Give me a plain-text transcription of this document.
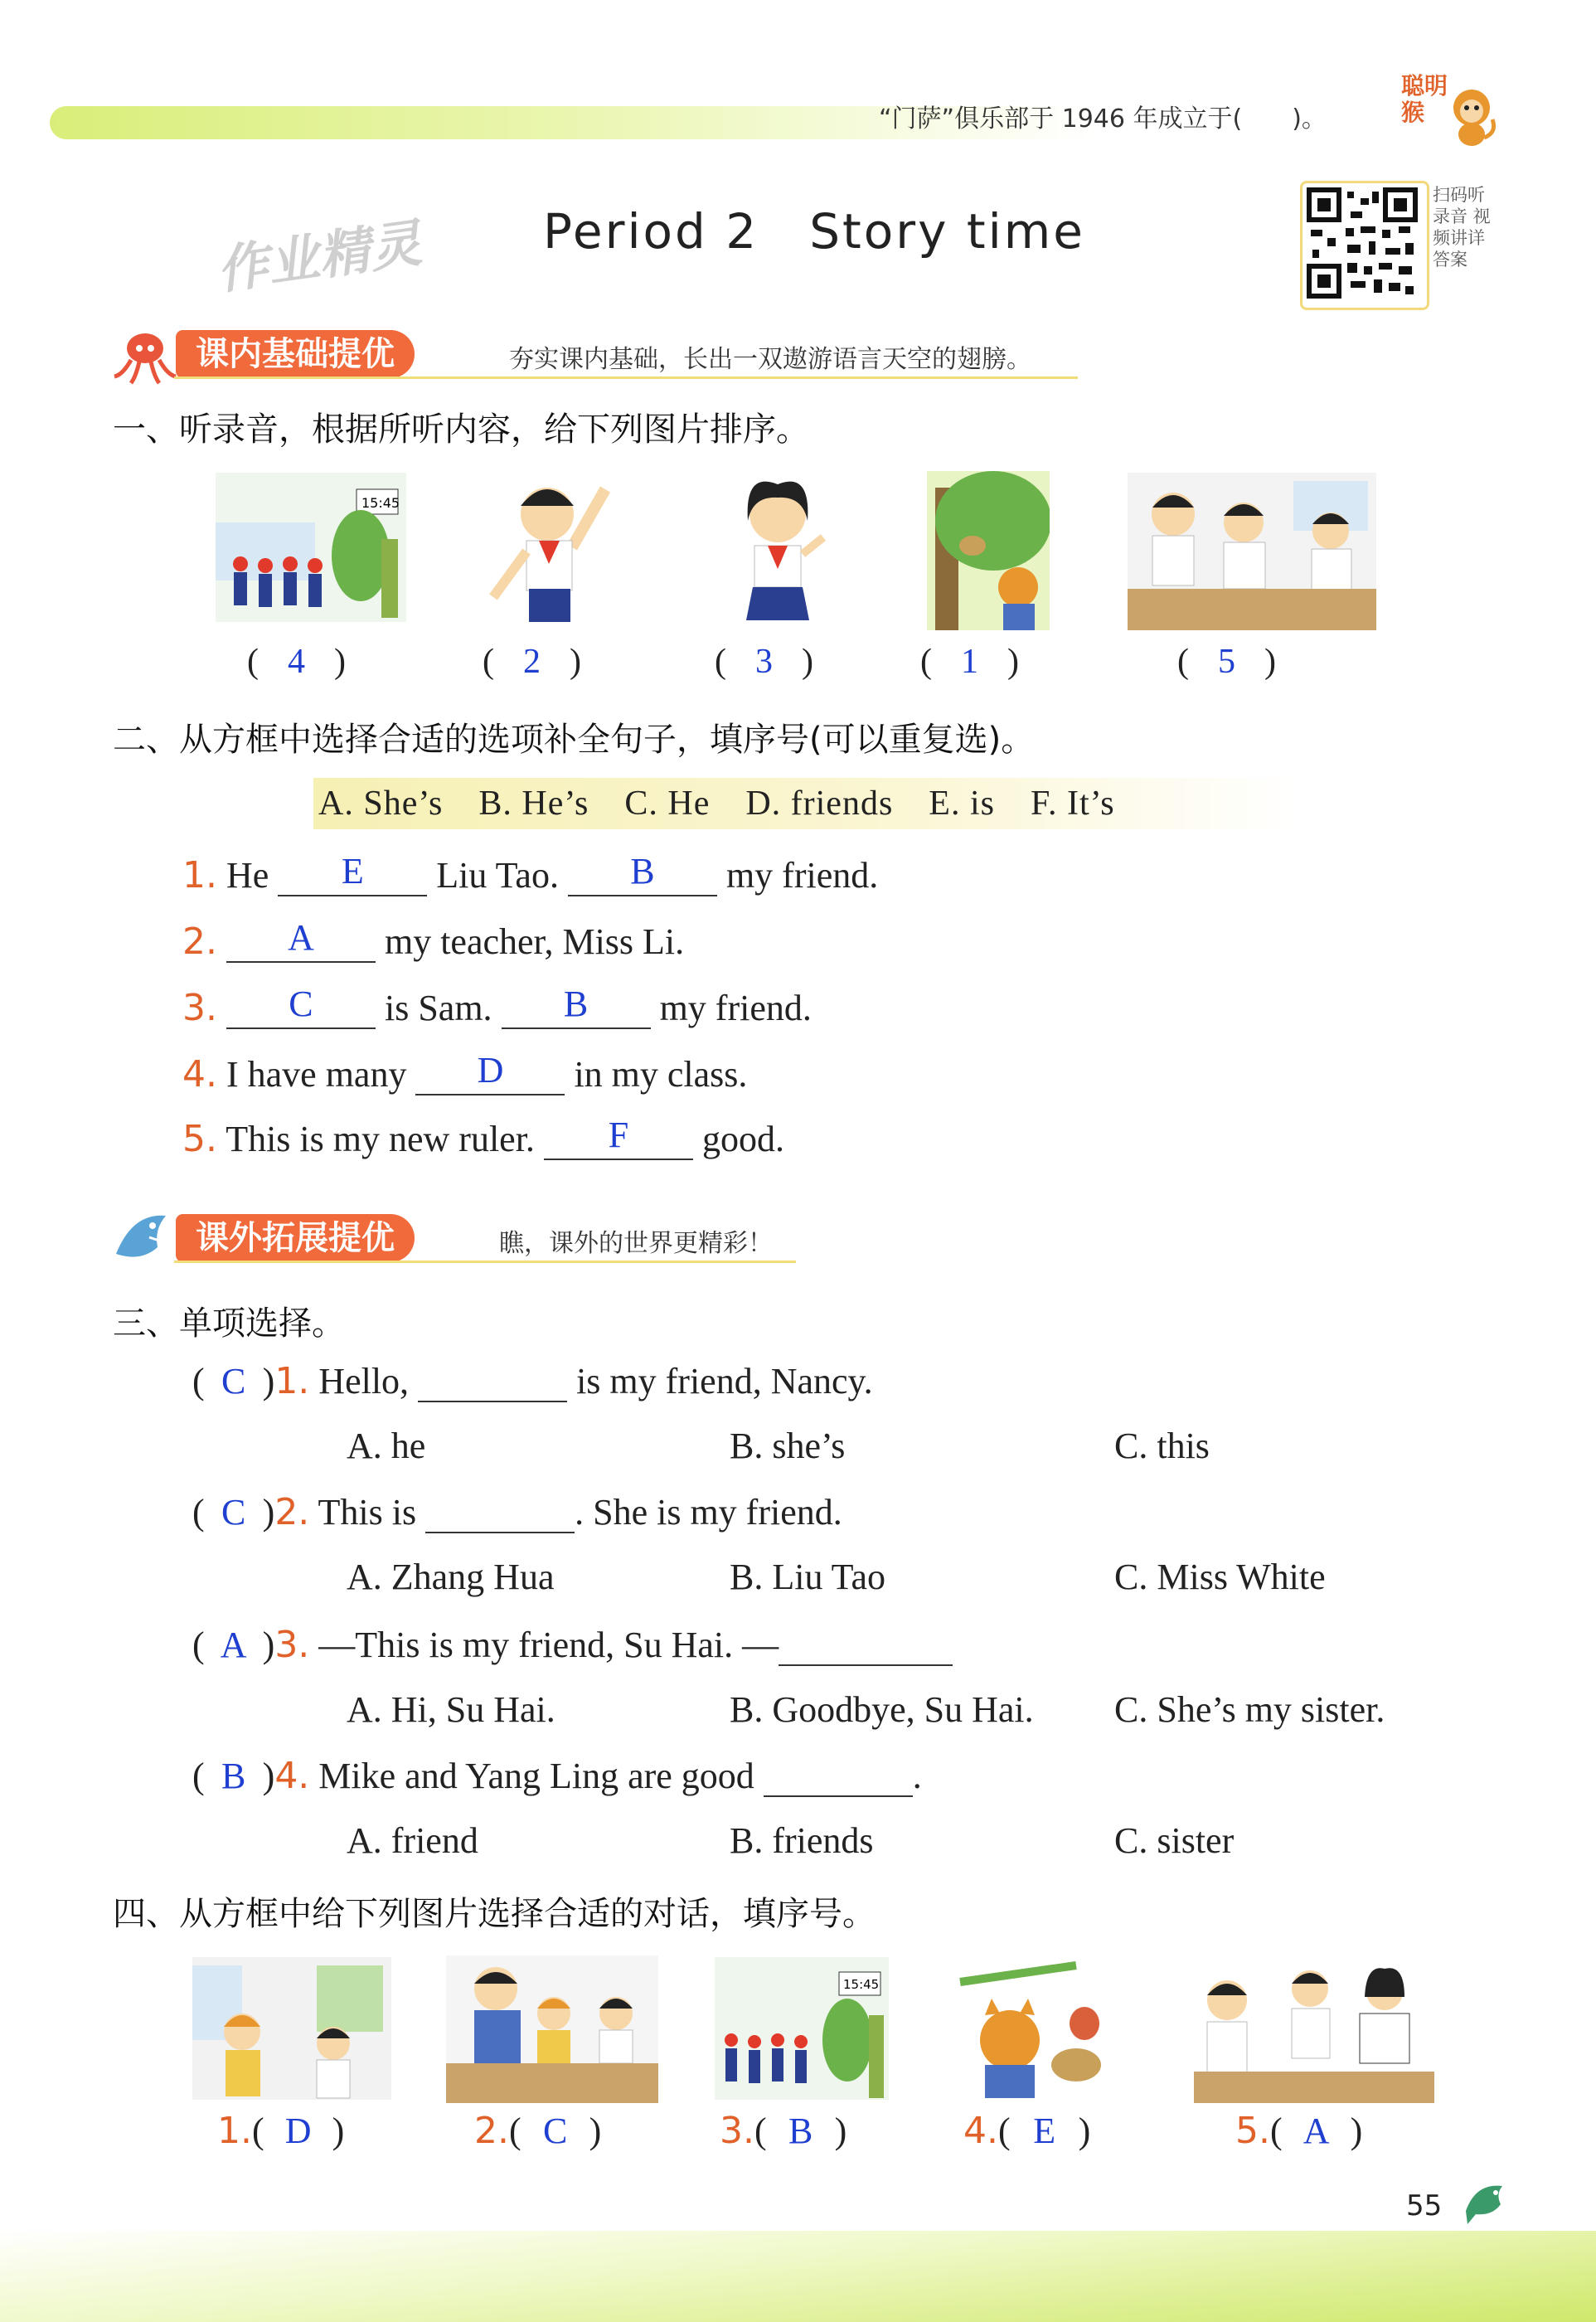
“门萨”俱乐部于 1946 年成立于(　　)。
聪明猴
作业精灵 Period 2　Story time
扫码听录音 视频讲详答案
课内基础提优	夯实课内基础，长出一双遨游语言天空的翅膀。
一、听录音，根据所听内容，给下列图片排序。
15:45
( 4 )	( 2 )	( 3 )	( 1 )	( 5 )
二、从方框中选择合适的选项补全句子，填序号(可以重复选)。
A. She’s　B. He’s　C. He　D. friends　E. is　F. It’s
1. He E Liu Tao. B my friend.
2. A my teacher, Miss Li.
3. C is Sam. B my friend.
4. I have many D in my class.
5. This is my new ruler. F good.
课外拓展提优	瞧，课外的世界更精彩！
三、单项选择。
( C )1. Hello,	is my friend, Nancy.
A. he	B. she’s	C. this
( C )2. This is	. She is my friend.
A. Zhang Hua	B. Liu Tao	C. Miss White
( A )3. —This is my friend, Su Hai. —
A. Hi, Su Hai.	B. Goodbye, Su Hai. C. She’s my sister.
( B )4. Mike and Yang Ling are good	.
A. friend	B. friends	C. sister
四、从方框中给下列图片选择合适的对话，填序号。
15:45
1.( D )	2.( C )	3.( B )	4.( E )	5.( A )
55
